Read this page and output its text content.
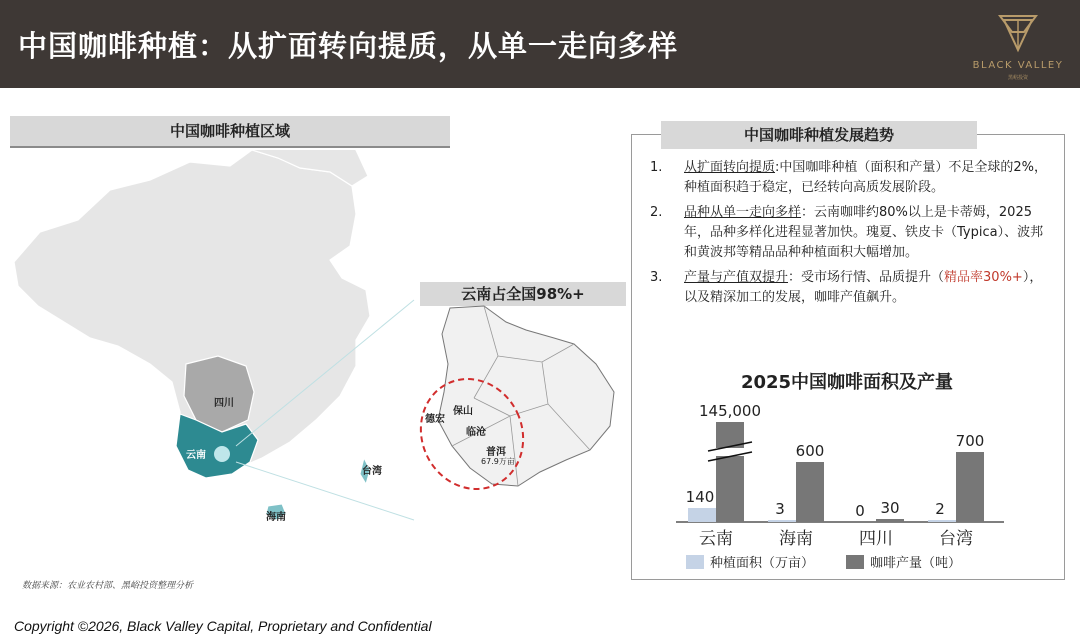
中国咖啡种植：从扩面转向提质，从单一走向多样
BLACK VALLEY
黑峪投资
中国咖啡种植区域
四川
云南
海南
台湾
云南占全国98%+
保山
德宏
临沧
普洱
67.9万亩
中国咖啡种植发展趋势
1. 从扩面转向提质:中国咖啡种植（面积和产量）不足全球的2%，种植面积趋于稳定，已经转向高质发展阶段。
2. 品种从单一走向多样：云南咖啡约80%以上是卡蒂姆，2025年，品种多样化进程显著加快。瑰夏、铁皮卡（Typica）、波邦和黄波邦等精品品种种植面积大幅增加。
3. 产量与产值双提升：受市场行情、品质提升（精品率30%+），以及精深加工的发展，咖啡产值飙升。
2025中国咖啡面积及产量
140
145,000
云南
3
600
海南
0 30
四川
2
700
台湾
种植面积（万亩）	咖啡产量（吨）
数据来源：农业农村部、黑峪投资整理分析
Copyright ©2026, Black Valley Capital, Proprietary and Confidential
